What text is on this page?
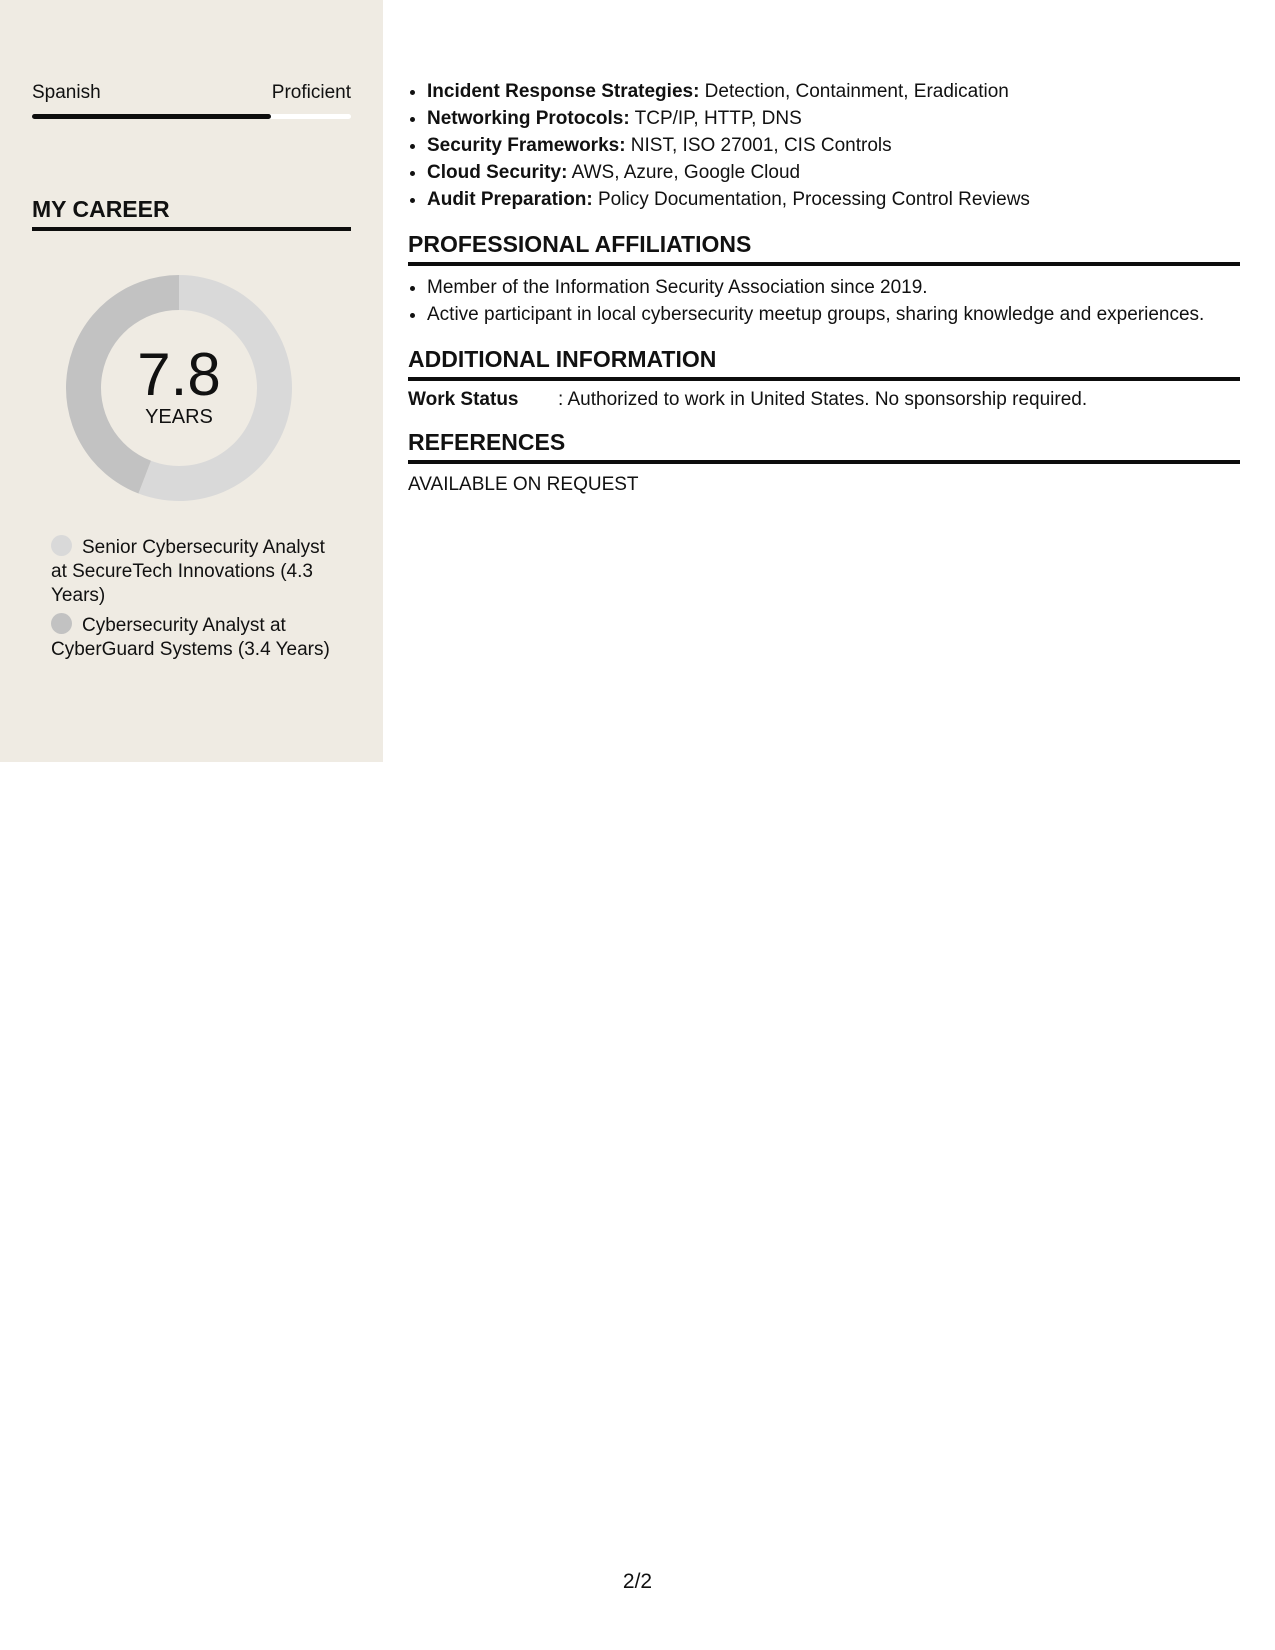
Spanish	Proficient
MY CAREER
7.8
YEARS
Senior Cybersecurity Analyst at SecureTech Innovations (4.3 Years)
Cybersecurity Analyst at CyberGuard Systems (3.4 Years)
• Incident Response Strategies: Detection, Containment, Eradication
• Networking Protocols: TCP/IP, HTTP, DNS
• Security Frameworks: NIST, ISO 27001, CIS Controls
• Cloud Security: AWS, Azure, Google Cloud
• Audit Preparation: Policy Documentation, Processing Control Reviews
PROFESSIONAL AFFILIATIONS
• Member of the Information Security Association since 2019.
• Active participant in local cybersecurity meetup groups, sharing knowledge and experiences.
ADDITIONAL INFORMATION
Work Status	: Authorized to work in United States. No sponsorship required.
REFERENCES
AVAILABLE ON REQUEST
2/2
